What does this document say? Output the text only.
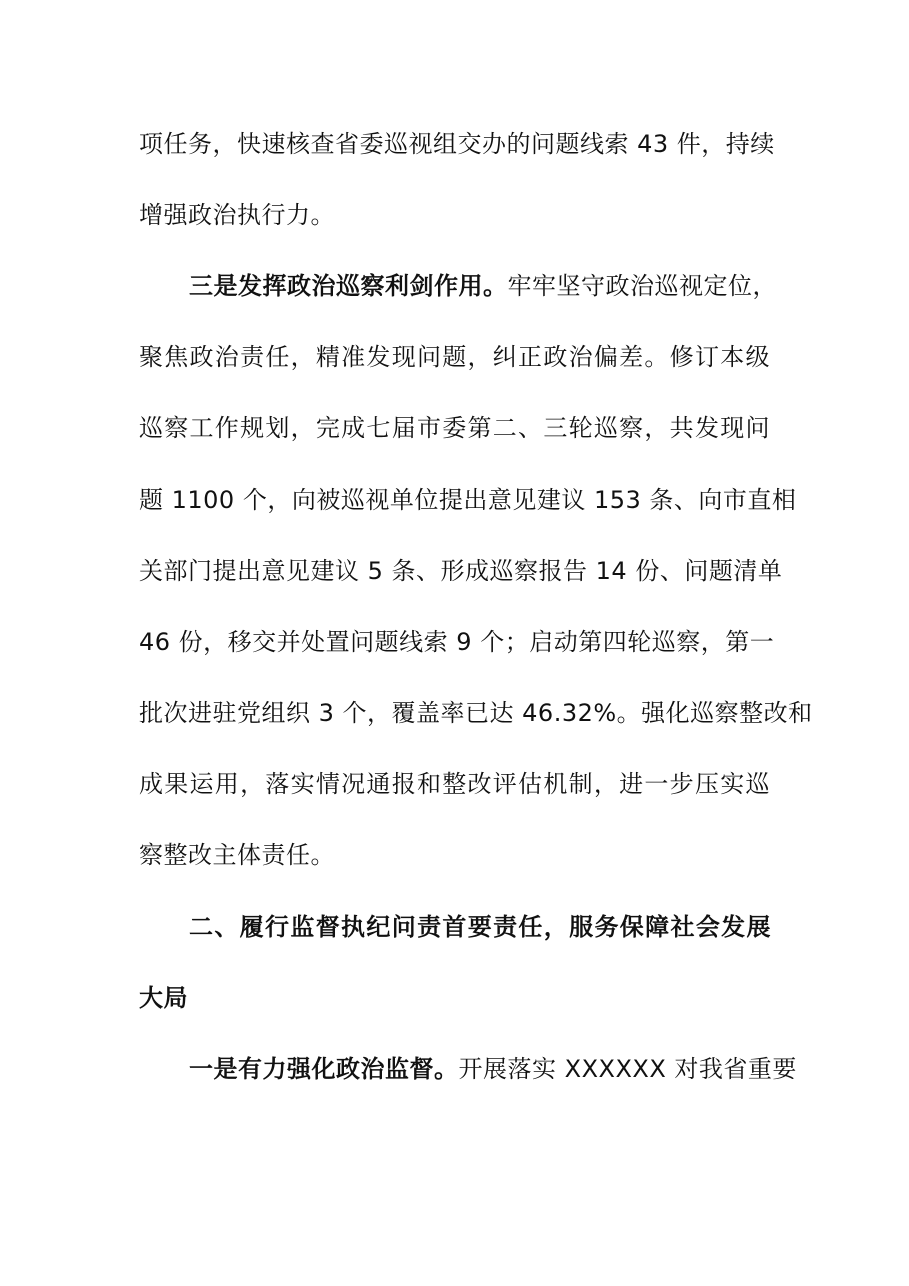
项任务，快速核查省委巡视组交办的问题线索 43 件，持续
增强政治执行力。
三是发挥政治巡察利剑作用。牢牢坚守政治巡视定位，
聚焦政治责任，精准发现问题，纠正政治偏差。修订本级
巡察工作规划，完成七届市委第二、三轮巡察，共发现问
题 1100 个，向被巡视单位提出意见建议 153 条、向市直相
关部门提出意见建议 5 条、形成巡察报告 14 份、问题清单
46 份，移交并处置问题线索 9 个；启动第四轮巡察，第一
批次进驻党组织 3 个，覆盖率已达 46.32%。强化巡察整改和
成果运用，落实情况通报和整改评估机制，进一步压实巡
察整改主体责任。
二、履行监督执纪问责首要责任，服务保障社会发展
大局
一是有力强化政治监督。开展落实 XXXXXX 对我省重要
